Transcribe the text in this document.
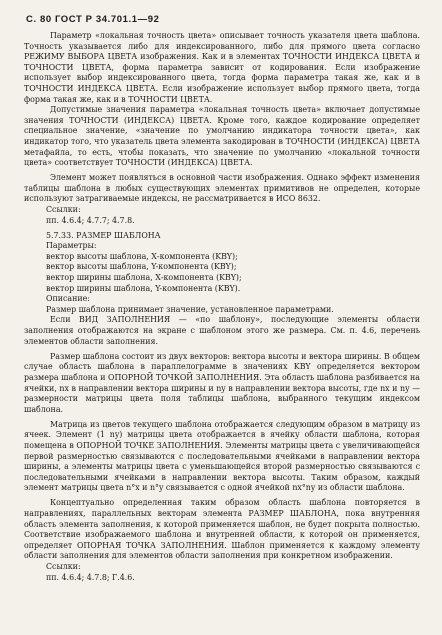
С. 80 ГОСТ Р 34.701.1—92

Параметр «локальная точность цвета» описывает точность указателя цвета шаблона. Точность указывается либо для индексированного, либо для прямого цвета согласно РЕЖИМУ ВЫБОРА ЦВЕТА изображения. Как и в элементах ТОЧНОСТИ ИНДЕКСА ЦВЕТА и ТОЧНОСТИ ЦВЕТА, форма параметра зависит от кодирования. Если изображение использует выбор индексированного цвета, тогда форма параметра такая же, как и в ТОЧНОСТИ ИНДЕКСА ЦВЕТА. Если изображение использует выбор прямого цвета, тогда форма такая же, как и в ТОЧНОСТИ ЦВЕТА.

Допустимые значения параметра «локальная точность цвета» включает допустимые значения ТОЧНОСТИ (ИНДЕКСА) ЦВЕТА. Кроме того, каждое кодирование определяет специальное значение, «значение по умолчанию индикатора точности цвета», как индикатор того, что указатель цвета элемента закодирован в ТОЧНОСТИ (ИНДЕКСА) ЦВЕТА метафайла, то есть, чтобы показать, что значение по умолчанию «локальной точности цвета» соответствует ТОЧНОСТИ (ИНДЕКСА) ЦВЕТА.

Элемент может появляться в основной части изображения. Однако эффект изменения таблицы шаблона в любых существующих элементах примитивов не определен, которые используют затрагиваемые индексы, не рассматривается в ИСО 8632.

Ссылки:

пп. 4.6.4; 4.7.7; 4.7.8.

5.7.33. РАЗМЕР ШАБЛОНА

Параметры:

вектор высоты шаблона, Х-компонента (KBY);

вектор высоты шаблона, Y-компонента (KBY);

вектор ширины шаблона, Х-компонента (KBY);

вектор ширины шаблона, Y-компонента (KBY).

Описание:

Размер шаблона принимает значение, установленное параметрами.

Если ВИД ЗАПОЛНЕНИЯ — «по шаблону», последующие элементы области заполнения отображаются на экране с шаблоном этого же размера. См. п. 4.6, перечень элементов области заполнения.

Размер шаблона состоит из двух векторов: вектора высоты и вектора ширины. В общем случае область шаблона в параллелограмме в значениях KBY определяется вектором размера шаблона и ОПОРНОЙ ТОЧКОЙ ЗАПОЛНЕНИЯ. Эта область шаблона разбивается на ячейки, nx в направлении вектора ширины и ny в направлении вектора высоты, где nx и ny — размерности матрицы цвета поля таблицы шаблона, выбранного текущим индексом шаблона.

Матрица из цветов текущего шаблона отображается следующим образом в матрицу из ячеек. Элемент (1 ny) матрицы цвета отображается в ячейку области шаблона, которая помещена в ОПОРНОЙ ТОЧКЕ ЗАПОЛНЕНИЯ. Элементы матрицы цвета с увеличивающейся первой размерностью связываются с последовательными ячейками в направлении вектора ширины, а элементы матрицы цвета с уменьшающейся второй размерностью связываются с последовательными ячейками в направлении вектора высоты. Таким образом, каждый элемент матрицы цвета n°x и n°y связывается с одной ячейкой nx°ny из области шаблона.

Концептуально определенная таким образом область шаблона повторяется в направлениях, параллельных векторам элемента РАЗМЕР ШАБЛОНА, пока внутренняя область элемента заполнения, к которой применяется шаблон, не будет покрыта полностью. Соответствие изображаемого шаблона и внутренней области, к которой он применяется, определяет ОПОРНАЯ ТОЧКА ЗАПОЛНЕНИЯ. Шаблон применяется к каждому элементу области заполнения для элементов области заполнения при конкретном изображении.

Ссылки:

пп. 4.6.4; 4.7.8; Г.4.6.
